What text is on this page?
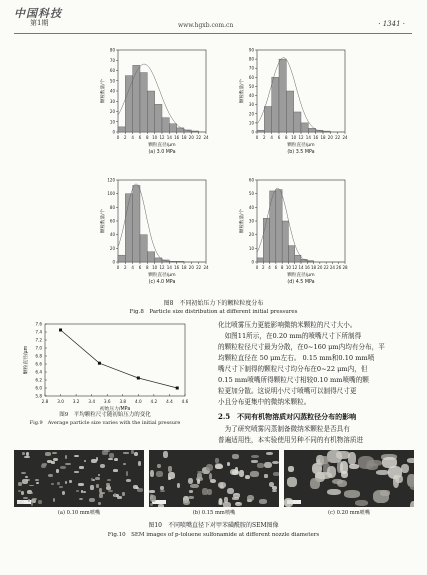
中国科技
第1期	www.hgxb.com.cn	· 1341 ·
0
10
20
30
40
50
60
70
80
0 2 4 6 8 10 12 14 16 18 20 22 24
颗粒直径/μm
颗粒数量/个
(a) 3.0 MPa
0
10
20
30
40
50
60
70
80
90
0 2 4 6 8 10 12 14 16 18 20 22 24
颗粒直径/μm
颗粒数量/个
(b) 3.5 MPa
0
20
40
60
80
100
120
0 2 4 6 8 10 12 14 16 18 20 22 24
颗粒直径/μm
颗粒数量/个
(c) 4.0 MPa
0
10
20
30
40
50
60
0 2 4 6 8 10 12 14 16 18 20 22 24 26 28
颗粒直径/μm
颗粒数量/个
(d) 4.5 MPa
图8　不同初始压力下的颗粒粒度分布
Fig.8　Particle size distribution at different initial pressures
5.8
6.0
6.2
6.4
6.6
6.8
7.0
7.2
7.4
7.6
2.8 3.0 3.2 3.4 3.6 3.8 4.0 4.2 4.4 4.6
初始压力/MPa
颗粒直径/μm
图9　平均颗粒尺寸随初始压力的变化
Fig.9　Average particle size varies with the initial pressure
化比喷雾压力更能影响微纳米颗粒的尺寸大小。
　如图11所示，在0.20 mm的喷嘴尺寸下所制得
的颗粒粒径尺寸最为分散，在0~160 μm内均有分布，平
均颗粒直径在 50 μm左右。 0.15 mm和0.10 mm喷
嘴尺寸下制得的颗粒尺寸均分布在0~22 μm内，但
0.15 mm喷嘴所得颗粒尺寸相较0.10 mm喷嘴的颗
粒更加分散。这说明小尺寸喷嘴可以制得尺寸更
小且分布更集中的微纳米颗粒。
2.5　不同有机物溶质对闪蒸粒径分布的影响
　为了研究喷雾闪蒸制备微纳米颗粒是否具有
普遍适用性，本实验使用另种不同的有机物溶质进
(a) 0.10 mm喷嘴	(b) 0.15 mm喷嘴	(c) 0.20 mm喷嘴
图10　不同喷嘴直径下对甲苯磺酰胺的SEM图像
Fig.10　SEM images of p-toluene sulfonamide at different nozzle diameters
